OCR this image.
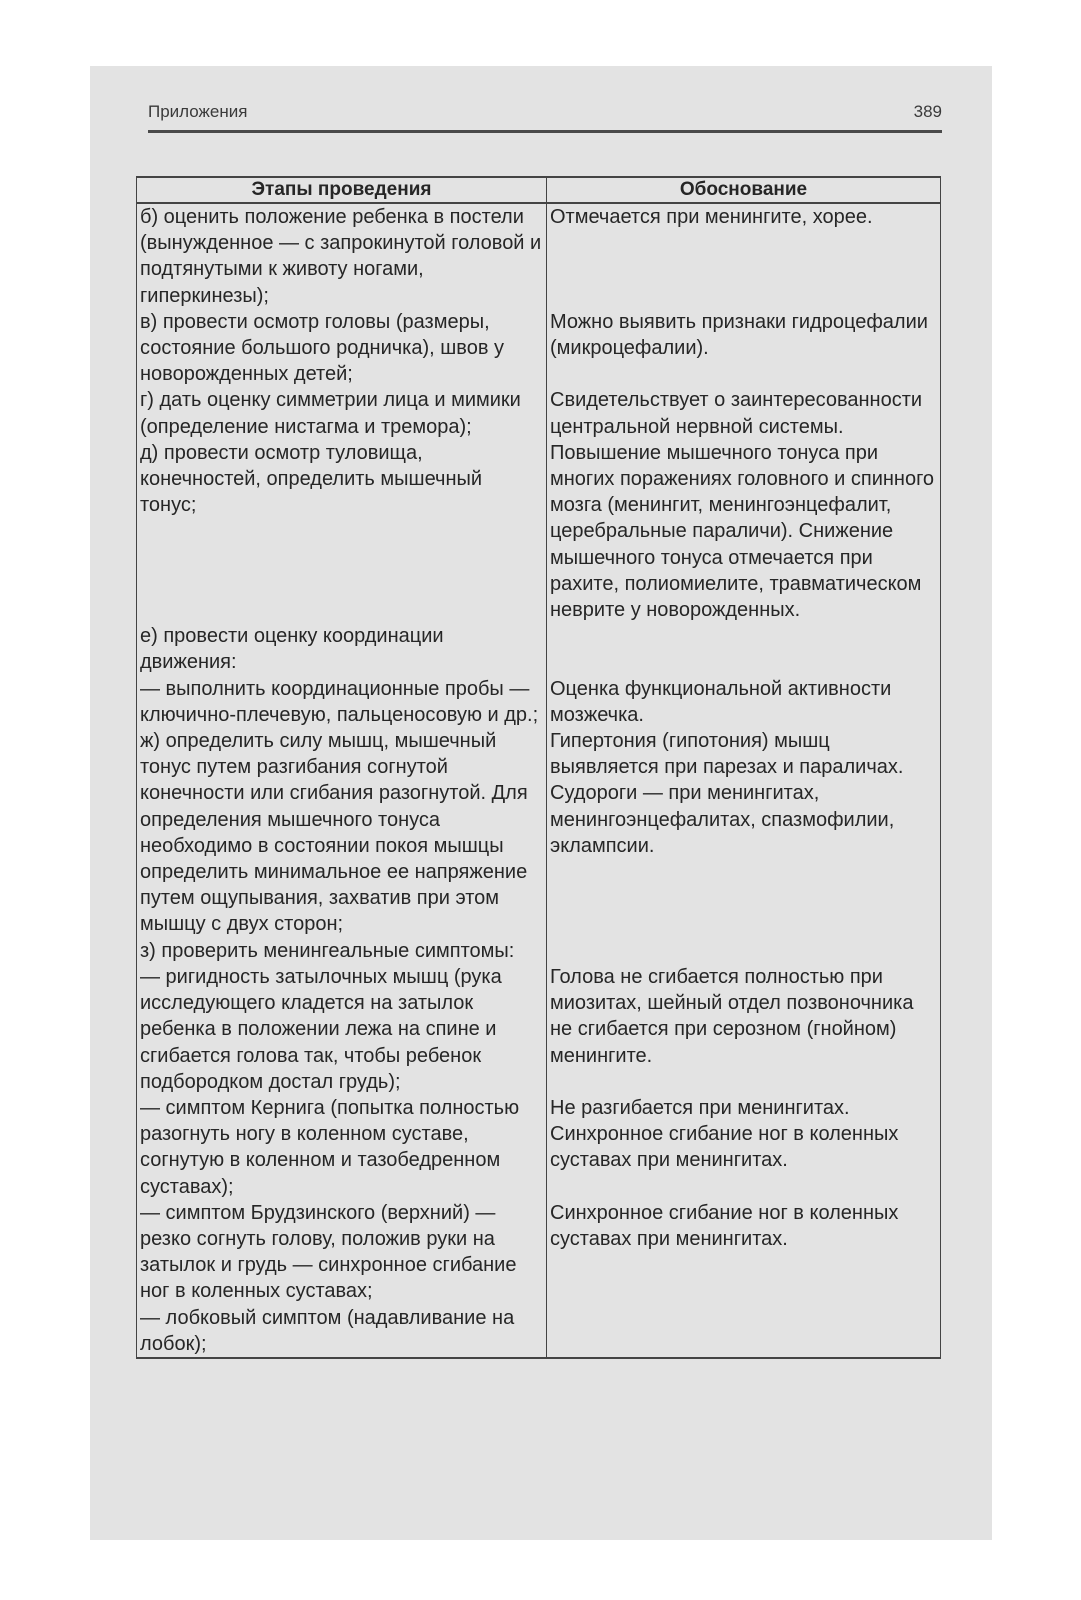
Приложения	389
Этапы проведения	Обоснование

б) оценить положение ребенка в постели (вынужденное — с запрокинутой головой и подтянутыми к животу ногами, гиперкинезы);	Отмечается при менингите, хорее.

в) провести осмотр головы (размеры, состояние большого родничка), швов у новорожденных детей;	Можно выявить признаки гидроцефалии (микроцефалии).

г) дать оценку симметрии лица и мимики (определение нистагма и тремора);	Свидетельствует о заинтересованности центральной нервной системы.

д) провести осмотр туловища, конечностей, определить мышечный тонус;	Повышение мышечного тонуса при многих поражениях головного и спинного мозга (менингит, менингоэнцефалит, церебральные параличи). Снижение мышечного тонуса отмечается при рахите, полиомиелите, травматическом неврите у новорожденных.

е) провести оценку координации движения:	

— выполнить координационные пробы — ключично-плечевую, пальценосовую и др.;	Оценка функциональной активности мозжечка.

ж) определить силу мышц, мышечный тонус путем разгибания согнутой конечности или сгибания разогнутой. Для определения мышечного тонуса необходимо в состоянии покоя мышцы определить минимальное ее напряжение путем ощупывания, захватив при этом мышцу с двух сторон;	Гипертония (гипотония) мышц выявляется при парезах и параличах. Судороги — при менингитах, менингоэнцефалитах, спазмофилии, эклампсии.

з) проверить менингеальные симптомы:	

— ригидность затылочных мышц (рука исследующего кладется на затылок ребенка в положении лежа на спине и сгибается голова так, чтобы ребенок подбородком достал грудь);	Голова не сгибается полностью при миозитах, шейный отдел позвоночника не сгибается при серозном (гнойном) менингите.

— симптом Кернига (попытка полностью разогнуть ногу в коленном суставе, согнутую в коленном и тазобедренном суставах);	Не разгибается при менингитах. Синхронное сгибание ног в коленных суставах при менингитах.

— симптом Брудзинского (верхний) — резко согнуть голову, положив руки на затылок и грудь — синхронное сгибание ног в коленных суставах;	Синхронное сгибание ног в коленных суставах при менингитах.

— лобковый симптом (надавливание на лобок);	
